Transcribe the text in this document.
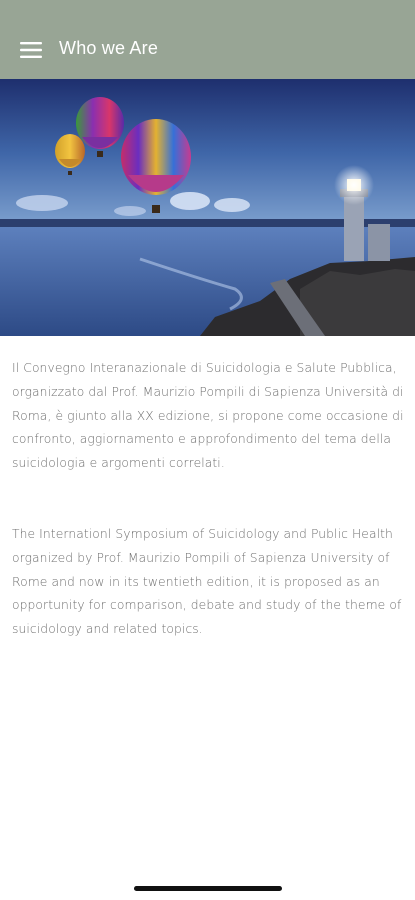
Who we Are

Il Convegno Interanazionale di Suicidologia e Salute Pubblica, organizzato dal Prof. Maurizio Pompili di Sapienza Università di Roma, è giunto alla XX edizione, si propone come occasione di confronto, aggiornamento e approfondimento del tema della suicidologia e argomenti correlati.

The Internationl Symposium of Suicidology and Public Health organized by Prof. Maurizio Pompili of Sapienza University of Rome and now in its twentieth edition, it is proposed as an opportunity for comparison, debate and study of the theme of suicidology and related topics.
